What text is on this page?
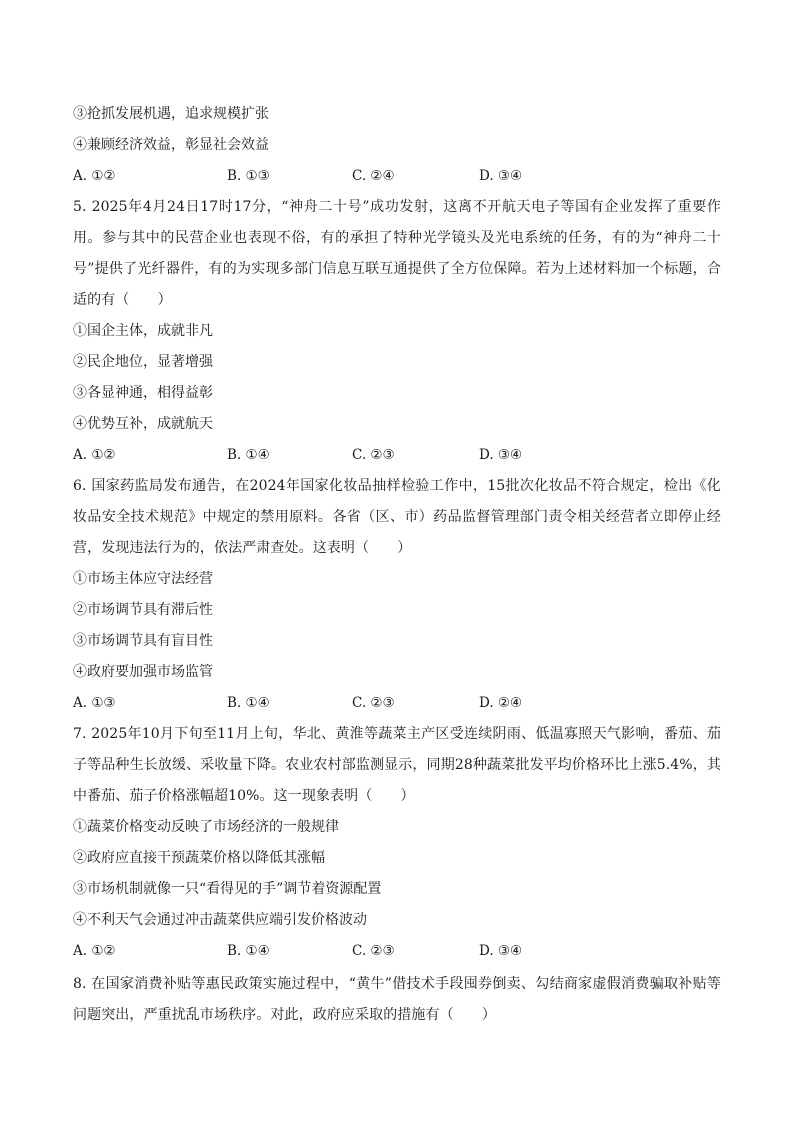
③抢抓发展机遇，追求规模扩张
④兼顾经济效益，彰显社会效益
A. ①②	B. ①③	C. ②④	D. ③④
5. 2025年4月24日17时17分，“神舟二十号”成功发射，这离不开航天电子等国有企业发挥了重要作用。参与其中的民营企业也表现不俗，有的承担了特种光学镜头及光电系统的任务，有的为“神舟二十号”提供了光纤器件，有的为实现多部门信息互联互通提供了全方位保障。若为上述材料加一个标题，合适的有（　　）
①国企主体，成就非凡
②民企地位，显著增强
③各显神通，相得益彰
④优势互补，成就航天
A. ①②	B. ①④	C. ②③	D. ③④
6. 国家药监局发布通告，在2024年国家化妆品抽样检验工作中，15批次化妆品不符合规定，检出《化妆品安全技术规范》中规定的禁用原料。各省（区、市）药品监督管理部门责令相关经营者立即停止经营，发现违法行为的，依法严肃查处。这表明（　　）
①市场主体应守法经营
②市场调节具有滞后性
③市场调节具有盲目性
④政府要加强市场监管
A. ①③	B. ①④	C. ②③	D. ②④
7. 2025年10月下旬至11月上旬，华北、黄淮等蔬菜主产区受连续阴雨、低温寡照天气影响，番茄、茄子等品种生长放缓、采收量下降。农业农村部监测显示，同期28种蔬菜批发平均价格环比上涨5.4%，其中番茄、茄子价格涨幅超10%。这一现象表明（　　）
①蔬菜价格变动反映了市场经济的一般规律
②政府应直接干预蔬菜价格以降低其涨幅
③市场机制就像一只“看得见的手”调节着资源配置
④不利天气会通过冲击蔬菜供应端引发价格波动
A. ①②	B. ①④	C. ②③	D. ③④
8. 在国家消费补贴等惠民政策实施过程中，“黄牛”借技术手段囤券倒卖、勾结商家虚假消费骗取补贴等问题突出，严重扰乱市场秩序。对此，政府应采取的措施有（　　）
